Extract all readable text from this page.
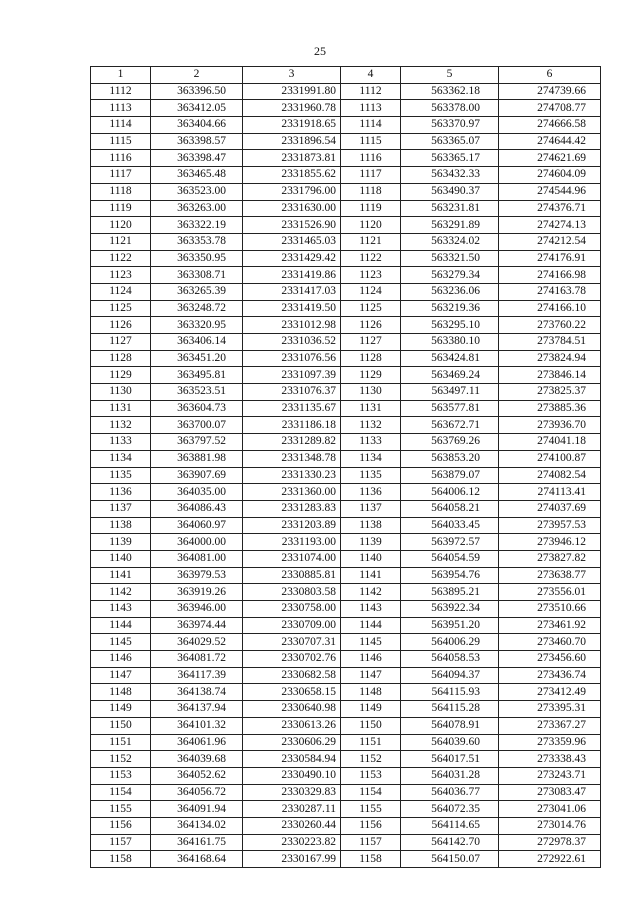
25
1	2	3	4	5	6
1112	363396.50	2331991.80	1112	563362.18	274739.66
1113	363412.05	2331960.78	1113	563378.00	274708.77
1114	363404.66	2331918.65	1114	563370.97	274666.58
1115	363398.57	2331896.54	1115	563365.07	274644.42
1116	363398.47	2331873.81	1116	563365.17	274621.69
1117	363465.48	2331855.62	1117	563432.33	274604.09
1118	363523.00	2331796.00	1118	563490.37	274544.96
1119	363263.00	2331630.00	1119	563231.81	274376.71
1120	363322.19	2331526.90	1120	563291.89	274274.13
1121	363353.78	2331465.03	1121	563324.02	274212.54
1122	363350.95	2331429.42	1122	563321.50	274176.91
1123	363308.71	2331419.86	1123	563279.34	274166.98
1124	363265.39	2331417.03	1124	563236.06	274163.78
1125	363248.72	2331419.50	1125	563219.36	274166.10
1126	363320.95	2331012.98	1126	563295.10	273760.22
1127	363406.14	2331036.52	1127	563380.10	273784.51
1128	363451.20	2331076.56	1128	563424.81	273824.94
1129	363495.81	2331097.39	1129	563469.24	273846.14
1130	363523.51	2331076.37	1130	563497.11	273825.37
1131	363604.73	2331135.67	1131	563577.81	273885.36
1132	363700.07	2331186.18	1132	563672.71	273936.70
1133	363797.52	2331289.82	1133	563769.26	274041.18
1134	363881.98	2331348.78	1134	563853.20	274100.87
1135	363907.69	2331330.23	1135	563879.07	274082.54
1136	364035.00	2331360.00	1136	564006.12	274113.41
1137	364086.43	2331283.83	1137	564058.21	274037.69
1138	364060.97	2331203.89	1138	564033.45	273957.53
1139	364000.00	2331193.00	1139	563972.57	273946.12
1140	364081.00	2331074.00	1140	564054.59	273827.82
1141	363979.53	2330885.81	1141	563954.76	273638.77
1142	363919.26	2330803.58	1142	563895.21	273556.01
1143	363946.00	2330758.00	1143	563922.34	273510.66
1144	363974.44	2330709.00	1144	563951.20	273461.92
1145	364029.52	2330707.31	1145	564006.29	273460.70
1146	364081.72	2330702.76	1146	564058.53	273456.60
1147	364117.39	2330682.58	1147	564094.37	273436.74
1148	364138.74	2330658.15	1148	564115.93	273412.49
1149	364137.94	2330640.98	1149	564115.28	273395.31
1150	364101.32	2330613.26	1150	564078.91	273367.27
1151	364061.96	2330606.29	1151	564039.60	273359.96
1152	364039.68	2330584.94	1152	564017.51	273338.43
1153	364052.62	2330490.10	1153	564031.28	273243.71
1154	364056.72	2330329.83	1154	564036.77	273083.47
1155	364091.94	2330287.11	1155	564072.35	273041.06
1156	364134.02	2330260.44	1156	564114.65	273014.76
1157	364161.75	2330223.82	1157	564142.70	272978.37
1158	364168.64	2330167.99	1158	564150.07	272922.61
